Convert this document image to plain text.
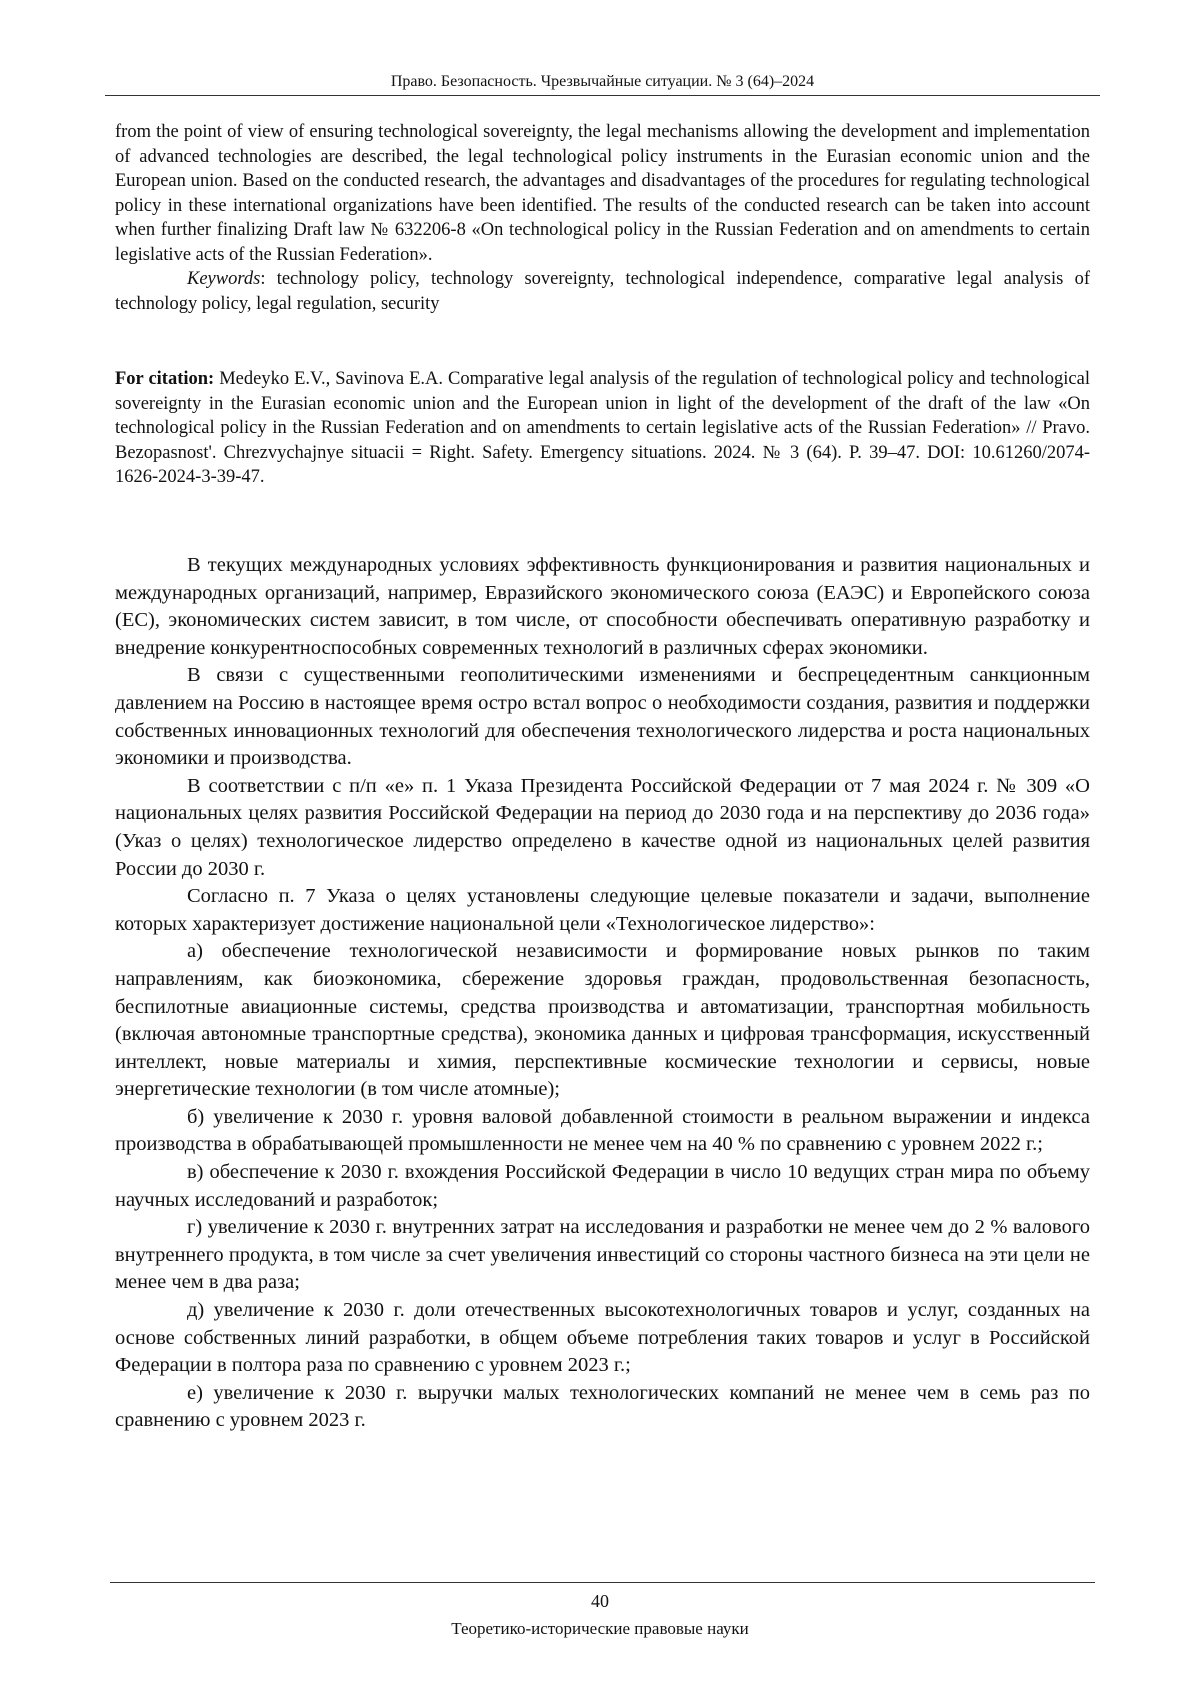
Право. Безопасность. Чрезвычайные ситуации. № 3 (64)–2024

from the point of view of ensuring technological sovereignty, the legal mechanisms allowing the development and implementation of advanced technologies are described, the legal technological policy instruments in the Eurasian economic union and the European union. Based on the conducted research, the advantages and disadvantages of the procedures for regulating technological policy in these international organizations have been identified. The results of the conducted research can be taken into account when further finalizing Draft law № 632206-8 «On technological policy in the Russian Federation and on amendments to certain legislative acts of the Russian Federation».

Keywords: technology policy, technology sovereignty, technological independence, comparative legal analysis of technology policy, legal regulation, security

For citation: Medeyko E.V., Savinova E.A. Comparative legal analysis of the regulation of technological policy and technological sovereignty in the Eurasian economic union and the European union in light of the development of the draft of the law «On technological policy in the Russian Federation and on amendments to certain legislative acts of the Russian Federation» // Pravo. Bezopasnost'. Chrezvychajnye situacii = Right. Safety. Emergency situations. 2024. № 3 (64). P. 39–47. DOI: 10.61260/2074-1626-2024-3-39-47.

В текущих международных условиях эффективность функционирования и развития национальных и международных организаций, например, Евразийского экономического союза (ЕАЭС) и Европейского союза (ЕС), экономических систем зависит, в том числе, от способности обеспечивать оперативную разработку и внедрение конкурентноспособных современных технологий в различных сферах экономики.

В связи с существенными геополитическими изменениями и беспрецедентным санкционным давлением на Россию в настоящее время остро встал вопрос о необходимости создания, развития и поддержки собственных инновационных технологий для обеспечения технологического лидерства и роста национальных экономики и производства.

В соответствии с п/п «е» п. 1 Указа Президента Российской Федерации от 7 мая 2024 г. № 309 «О национальных целях развития Российской Федерации на период до 2030 года и на перспективу до 2036 года» (Указ о целях) технологическое лидерство определено в качестве одной из национальных целей развития России до 2030 г.

Согласно п. 7 Указа о целях установлены следующие целевые показатели и задачи, выполнение которых характеризует достижение национальной цели «Технологическое лидерство»:

а) обеспечение технологической независимости и формирование новых рынков по таким направлениям, как биоэкономика, сбережение здоровья граждан, продовольственная безопасность, беспилотные авиационные системы, средства производства и автоматизации, транспортная мобильность (включая автономные транспортные средства), экономика данных и цифровая трансформация, искусственный интеллект, новые материалы и химия, перспективные космические технологии и сервисы, новые энергетические технологии (в том числе атомные);

б) увеличение к 2030 г. уровня валовой добавленной стоимости в реальном выражении и индекса производства в обрабатывающей промышленности не менее чем на 40 % по сравнению с уровнем 2022 г.;

в) обеспечение к 2030 г. вхождения Российской Федерации в число 10 ведущих стран мира по объему научных исследований и разработок;

г) увеличение к 2030 г. внутренних затрат на исследования и разработки не менее чем до 2 % валового внутреннего продукта, в том числе за счет увеличения инвестиций со стороны частного бизнеса на эти цели не менее чем в два раза;

д) увеличение к 2030 г. доли отечественных высокотехнологичных товаров и услуг, созданных на основе собственных линий разработки, в общем объеме потребления таких товаров и услуг в Российской Федерации в полтора раза по сравнению с уровнем 2023 г.;

е) увеличение к 2030 г. выручки малых технологических компаний не менее чем в семь раз по сравнению с уровнем 2023 г.

40
Теоретико-исторические правовые науки
